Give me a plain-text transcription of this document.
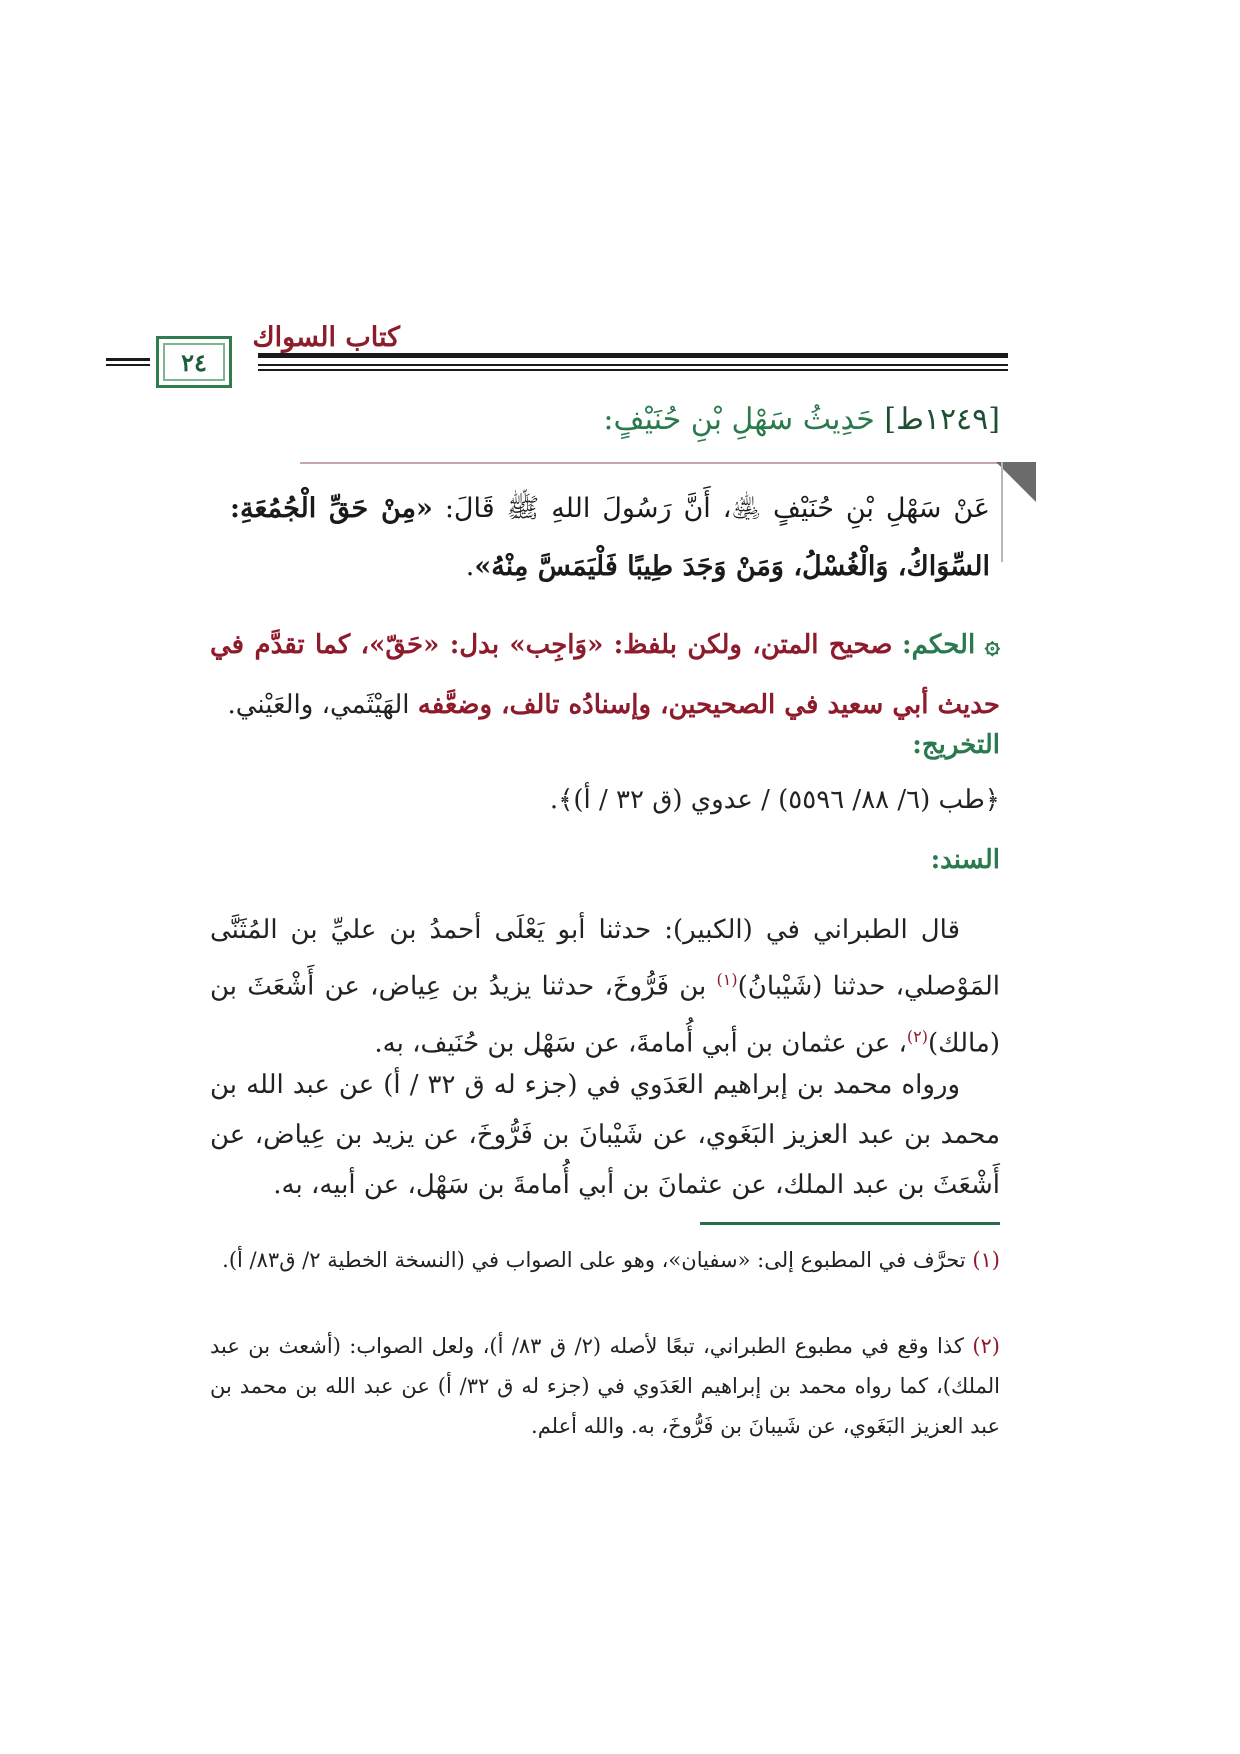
كتاب السواك
٢٤
[١٢٤٩ط] حَدِيثُ سَهْلِ بْنِ حُنَيْفٍ:
عَنْ سَهْلِ بْنِ حُنَيْفٍ ﵁، أَنَّ رَسُولَ اللهِ ﷺ قَالَ: «مِنْ حَقِّ الْجُمُعَةِ: السِّوَاكُ، وَالْغُسْلُ، وَمَنْ وَجَدَ طِيبًا فَلْيَمَسَّ مِنْهُ».
۞ الحكم: صحيح المتن، ولكن بلفظ: «وَاجِب» بدل: «حَقّ»، كما تقدَّم في حديث أبي سعيد في الصحيحين، وإسنادُه تالف، وضعَّفه الهَيْثَمي، والعَيْني.
التخريج:
﴿طب (٦/ ٨٨/ ٥٥٩٦) / عدوي (ق ٣٢ / أ)﴾.
السند:
قال الطبراني في (الكبير): حدثنا أبو يَعْلَى أحمدُ بن عليِّ بن المُثَنَّى المَوْصلي، حدثنا (شَيْبانُ)$^{(١)}$ بن فَرُّوخَ، حدثنا يزيدُ بن عِياض، عن أَشْعَثَ بن (مالك)$^{(٢)}$، عن عثمان بن أبي أُمامةَ، عن سَهْل بن حُنَيف، به.
ورواه محمد بن إبراهيم العَدَوي في (جزء له ق ٣٢ / أ) عن عبد الله بن محمد بن عبد العزيز البَغَوي، عن شَيْبانَ بن فَرُّوخَ، عن يزيد بن عِياض، عن أَشْعَثَ بن عبد الملك، عن عثمانَ بن أبي أُمامةَ بن سَهْل، عن أبيه، به.
(١) تحرَّف في المطبوع إلى: «سفيان»، وهو على الصواب في (النسخة الخطية ٢/ ق٨٣/ أ).
(٢) كذا وقع في مطبوع الطبراني، تبعًا لأصله (٢/ ق ٨٣/ أ)، ولعل الصواب: (أشعث بن عبد الملك)، كما رواه محمد بن إبراهيم العَدَوي في (جزء له ق ٣٢/ أ) عن عبد الله بن محمد بن عبد العزيز البَغَوي، عن شَيبانَ بن فَرُّوخَ، به. والله أعلم.
